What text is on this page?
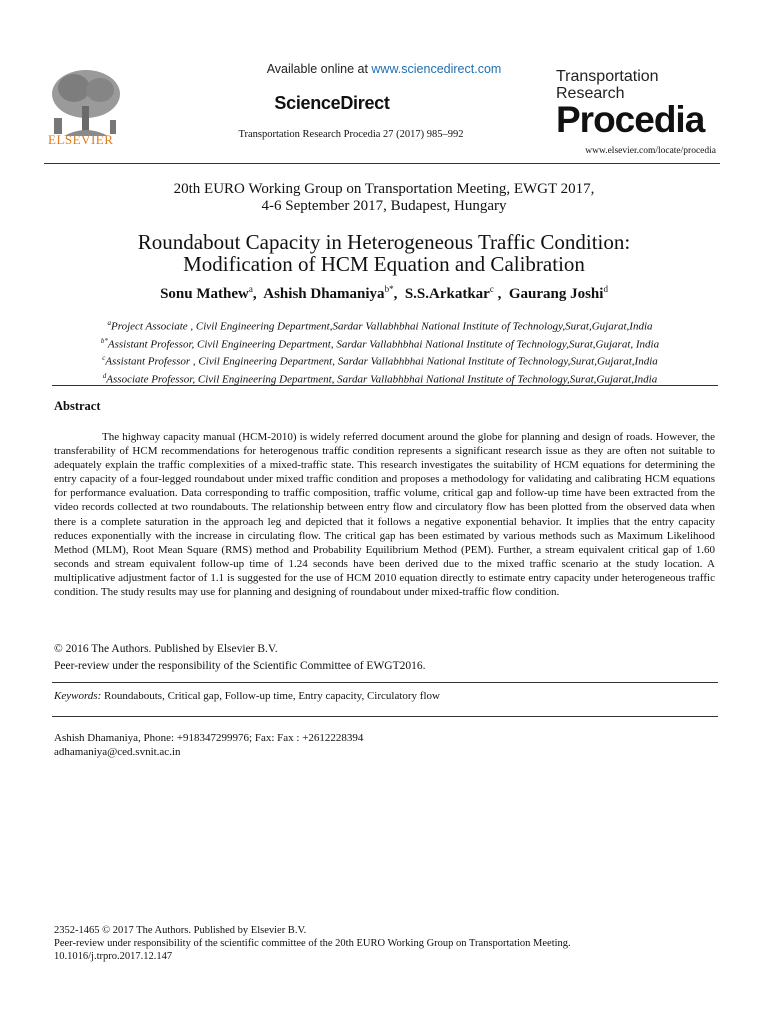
ELSEVIER
Available online at www.sciencedirect.com
ScienceDirect
Transportation Research Procedia 27 (2017) 985–992
Transportation
Research
Procedia
www.elsevier.com/locate/procedia
20th EURO Working Group on Transportation Meeting, EWGT 2017,
4-6 September 2017, Budapest, Hungary
Roundabout Capacity in Heterogeneous Traffic Condition:
Modification of HCM Equation and Calibration
Sonu Mathew$^a$,  Ashish Dhamaniya$^{b*}$,  S.S.Arkatkar$^c$ ,  Gaurang Joshi$^d$
$^a$Project Associate , Civil Engineering Department,Sardar Vallabhbhai National Institute of Technology,Surat,Gujarat,India
$^{b*}$Assistant Professor, Civil Engineering Department, Sardar Vallabhbhai National Institute of Technology,Surat,Gujarat, India
$^c$Assistant Professor , Civil Engineering Department, Sardar Vallabhbhai National Institute of Technology,Surat,Gujarat,India
$^d$Associate Professor, Civil Engineering Department, Sardar Vallabhbhai National Institute of Technology,Surat,Gujarat,India
Abstract
The highway capacity manual (HCM-2010) is widely referred document around the globe for planning and design of roads. However, the transferability of HCM recommendations for heterogenous traffic condition represents a significant research issue as they are often not suitable to adequately explain the traffic complexities of a mixed-traffic state. This research investigates the suitability of HCM equations for determining the entry capacity of a four-legged roundabout under mixed traffic condition and proposes a methodology for validating and calibrating HCM equations for performance evaluation. Data corresponding to traffic composition, traffic volume, critical gap and follow-up time have been extracted from the video records collected at two roundabouts. The relationship between entry flow and circulatory flow has been plotted from the observed data when there is a complete saturation in the approach leg and depicted that it follows a negative exponential behavior. It implies that the entry capacity reduces exponentially with the increase in circulating flow. The critical gap has been estimated by various methods such as Maximum Likelihood Method (MLM), Root Mean Square (RMS) method and Probability Equilibrium Method (PEM). Further, a stream equivalent critical gap of 1.60 seconds and stream equivalent follow-up time of 1.24 seconds have been derived due to the mixed traffic scenario at the study location. A multiplicative adjustment factor of 1.1 is suggested for the use of HCM 2010 equation directly to estimate entry capacity under heterogeneous traffic condition. The study results may use for planning and designing of roundabout under mixed-traffic flow condition.
© 2016 The Authors. Published by Elsevier B.V.
Peer-review under the responsibility of the Scientific Committee of EWGT2016.
Keywords: Roundabouts, Critical gap, Follow-up time, Entry capacity, Circulatory flow
Ashish Dhamaniya, Phone: +918347299976; Fax: Fax : +2612228394
adhamaniya@ced.svnit.ac.in
2352-1465 © 2017 The Authors. Published by Elsevier B.V.
Peer-review under responsibility of the scientific committee of the 20th EURO Working Group on Transportation Meeting.
10.1016/j.trpro.2017.12.147
